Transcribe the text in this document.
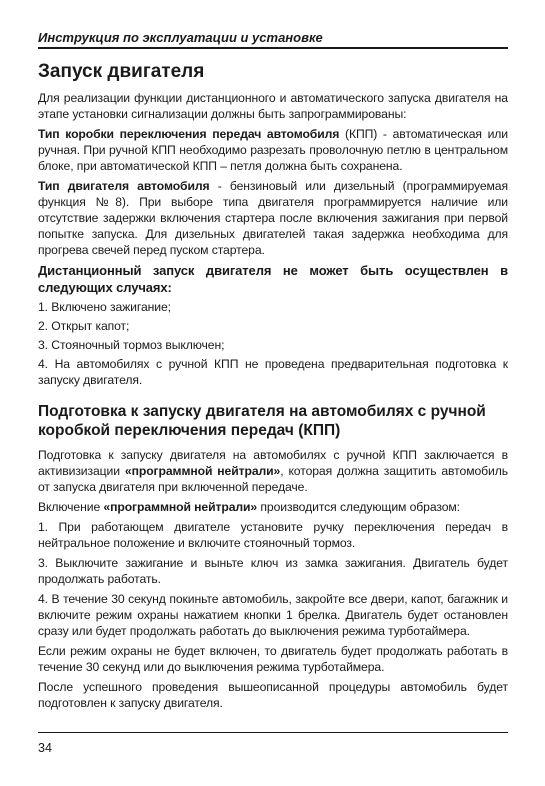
Инструкция по эксплуатации и установке
Запуск двигателя

Для реализации функции дистанционного и автоматического запуска двигателя на этапе установки сигнализации должны быть запрограммированы:

Тип коробки переключения передач автомобиля (КПП) - автоматическая или ручная. При ручной КПП необходимо разрезать проволочную петлю в центральном блоке, при автоматической КПП – петля должна быть сохранена.

Тип двигателя автомобиля - бензиновый или дизельный (программируемая функция №8). При выборе типа двигателя программируется наличие или отсутствие задержки включения стартера после включения зажигания при первой попытке запуска. Для дизельных двигателей такая задержка необходима для прогрева свечей перед пуском стартера.

Дистанционный запуск двигателя не может быть осуществлен в следующих случаях:

1. Включено зажигание;

2. Открыт капот;

3. Стояночный тормоз выключен;

4. На автомобилях с ручной КПП не проведена предварительная подготовка к запуску двигателя.

Подготовка к запуску двигателя на автомобилях с ручной коробкой переключения передач (КПП)

Подготовка к запуску двигателя на автомобилях с ручной КПП заключается в активизизации «программной нейтрали», которая должна защитить автомобиль от запуска двигателя при включенной передаче.

Включение «программной нейтрали» производится следующим образом:

1. При работающем двигателе установите ручку переключения передач в нейтральное положение и включите стояночный тормоз.

3. Выключите зажигание и выньте ключ из замка зажигания. Двигатель будет продолжать работать.

4. В течение 30 секунд покиньте автомобиль, закройте все двери, капот, багажник и включите режим охраны нажатием кнопки 1 брелка. Двигатель будет остановлен сразу или будет продолжать работать до выключения режима турботаймера.

Если режим охраны не будет включен, то двигатель будет продолжать работать в течение 30 секунд или до выключения режима турботаймера.

После успешного проведения вышеописанной процедуры автомобиль будет подготовлен к запуску двигателя.

34
